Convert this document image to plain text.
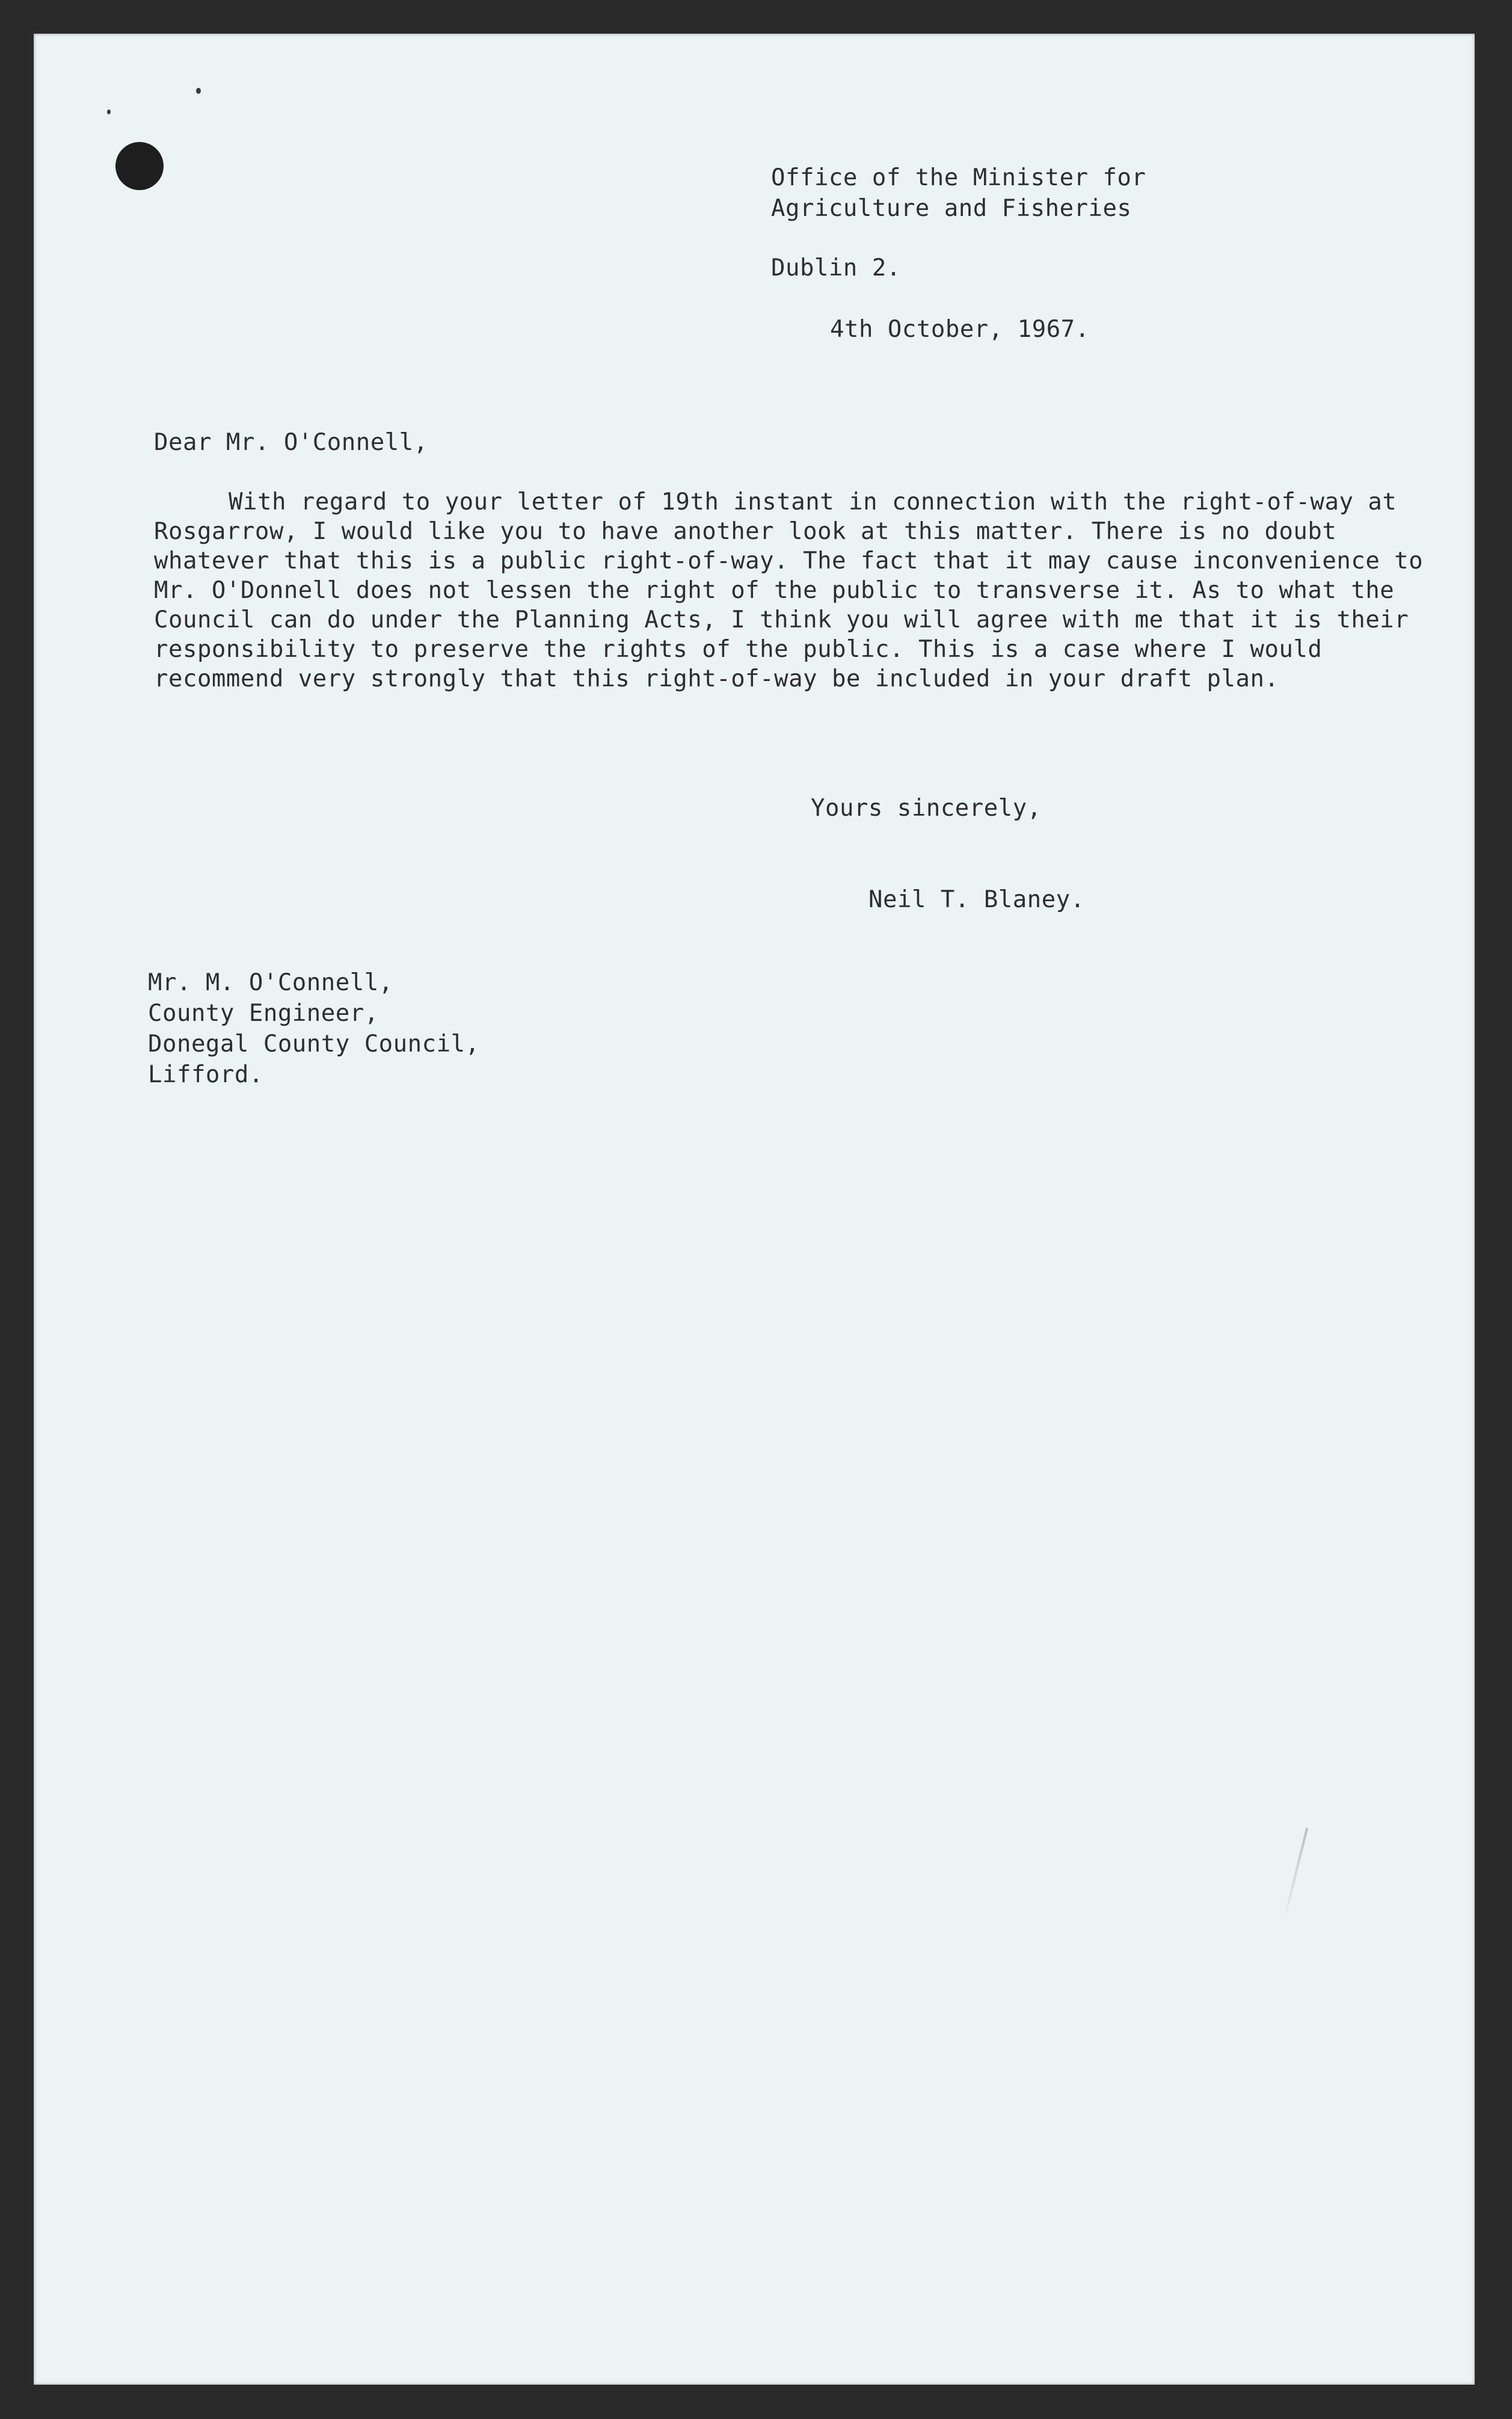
Office of the Minister for
Agriculture and Fisheries
Dublin 2.
4th October, 1967.
Dear Mr. O'Connell,
With regard to your letter of 19th instant in connection with the right-of-way at Rosgarrow, I would like you to have another look at this matter. There is no doubt whatever that this is a public right-of-way. The fact that it may cause inconvenience to Mr. O'Donnell does not lessen the right of the public to transverse it. As to what the Council can do under the Planning Acts, I think you will agree with me that it is their responsibility to preserve the rights of the public. This is a case where I would recommend very strongly that this right-of-way be included in your draft plan.
Yours sincerely,
Neil T. Blaney.
Mr. M. O'Connell,
County Engineer,
Donegal County Council,
Lifford.
